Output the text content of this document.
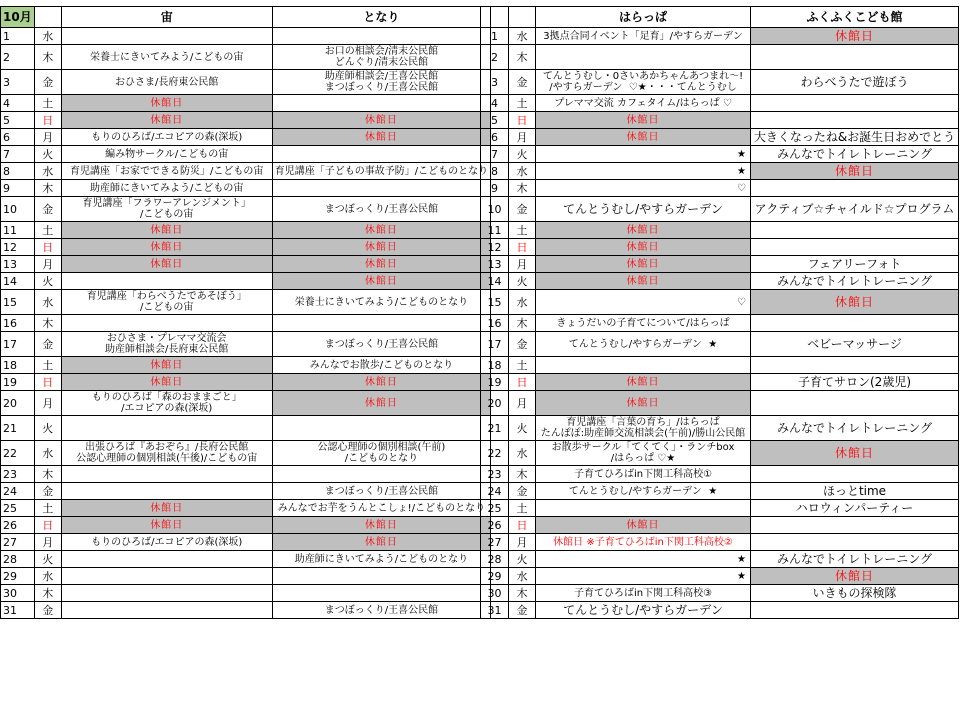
10月		宙	となり
1	水		
2	木	栄養士にきいてみよう/こどもの宙	お口の相談会/清末公民館
どんぐり/清末公民館
3	金	おひさま/長府東公民館	助産師相談会/王喜公民館
まつぼっくり/王喜公民館
4	土	休館日	
5	日	休館日	休館日
6	月	もりのひろば/エコピアの森(深坂)	休館日
7	火	編み物サークル/こどもの宙	
8	水	育児講座「お家でできる防災」/こどもの宙	育児講座「子どもの事故予防」/こどものとなり
9	木	助産師にきいてみよう/こどもの宙	
10	金	育児講座「フラワーアレンジメント」
/こどもの宙	まつぼっくり/王喜公民館
11	土	休館日	休館日
12	日	休館日	休館日
13	月	休館日	休館日
14	火		休館日
15	水	育児講座「わらべうたであそぼう」
/こどもの宙	栄養士にきいてみよう/こどものとなり
16	木		
17	金	おひさま・プレママ交流会
助産師相談会/長府東公民館	まつぼっくり/王喜公民館
18	土	休館日	みんなでお散歩/こどものとなり
19	日	休館日	休館日
20	月	もりのひろば「森のおままごと」
/エコピアの森(深坂)	休館日
21	火		
22	水	出張ひろば『あおぞら』/長府公民館
公認心理師の個別相談(午後)/こどもの宙	公認心理師の個別相談(午前)
/こどものとなり
23	木		
24	金		まつぼっくり/王喜公民館
25	土	休館日	みんなでお芋をうんとこしょ!/こどものとなり
26	日	休館日	休館日
27	月	もりのひろば/エコピアの森(深坂)	休館日
28	火		助産師にきいてみよう/こどものとなり
29	水		
30	木		
31	金		まつぼっくり/王喜公民館
		はらっぱ	ふくふくこども館
1	水	3拠点合同イベント「足育」/やすらガーデン	休館日
2	木		
3	金	てんとうむし・0さいあかちゃんあつまれ〜!
/やすらガーデン  ♡★・・・てんとうむし	わらべうたで遊ぼう
4	土	プレママ交流 カフェタイム/はらっぱ ♡	
5	日	休館日	
6	月	休館日	大きくなったね&お誕生日おめでとう
7	火	★	みんなでトイレトレーニング
8	水	★	休館日
9	木	♡	
10	金	てんとうむし/やすらガーデン	アクティブ☆チャイルド☆プログラム
11	土	休館日	
12	日	休館日	
13	月	休館日	フェアリーフォト
14	火	休館日	みんなでトイレトレーニング
15	水	♡	休館日
16	木	きょうだいの子育てについて/はらっぱ	
17	金	てんとうむし/やすらガーデン  ★	ベビーマッサージ
18	土		
19	日	休館日	子育てサロン(2歳児)
20	月	休館日	
21	火	育児講座「言葉の育ち」/はらっぱ
たんぽぽ:助産師交流相談会(午前)/勝山公民館	みんなでトイレトレーニング
22	水	お散歩サークル「てくてく」・ランチbox
/はらっぱ ♡★	休館日
23	木	子育てひろばin下関工科高校①	
24	金	てんとうむし/やすらガーデン  ★	ほっとtime
25	土		ハロウィンパーティー
26	日	休館日	
27	月	休館日 ※子育てひろばin下関工科高校②	
28	火	★	みんなでトイレトレーニング
29	水	★	休館日
30	木	子育てひろばin下関工科高校③	いきもの探検隊
31	金	てんとうむし/やすらガーデン	
